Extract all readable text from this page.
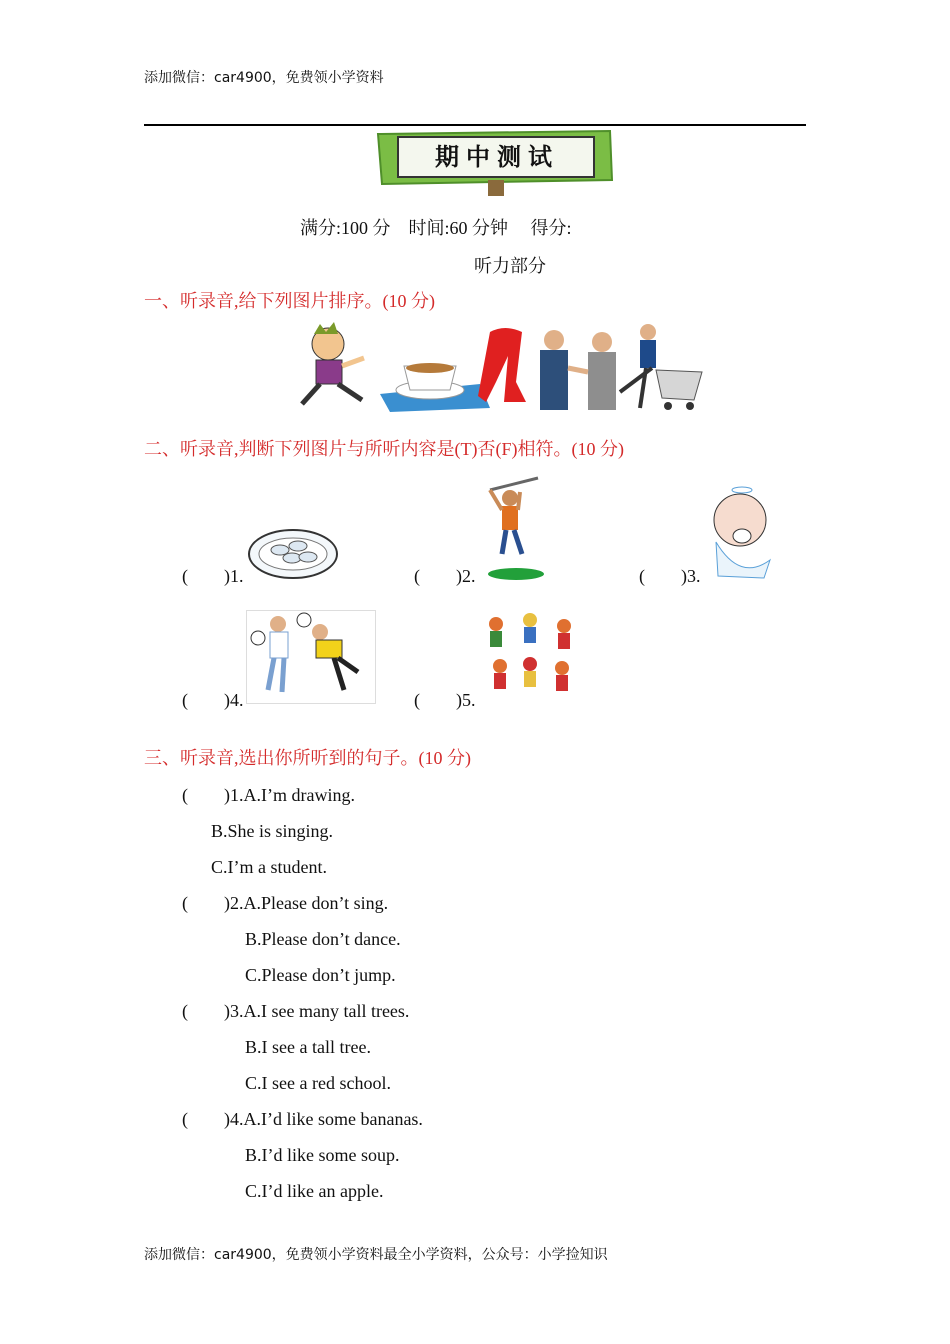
添加微信：car4900，免费领小学资料
期中测试
满分:100 分　 时间:60 分钟　 得分:
听力部分
一、听录音,给下列图片排序。(10 分)
二、听录音,判断下列图片与所听内容是(T)否(F)相符。(10 分)
(　　)1.	(　　)2.	(　　)3.
(　　)4.	(　　)5.
三、听录音,选出你所听到的句子。(10 分)
(　　)1.A.I’m drawing.
B.She is singing.
C.I’m a student.
(　　)2.A.Please don’t sing.
B.Please don’t dance.
C.Please don’t jump.
(　　)3.A.I see many tall trees.
B.I see a tall tree.
C.I see a red school.
(　　)4.A.I’d like some bananas.
B.I’d like some soup.
C.I’d like an apple.
添加微信：car4900，免费领小学资料最全小学资料，公众号：小学捡知识
